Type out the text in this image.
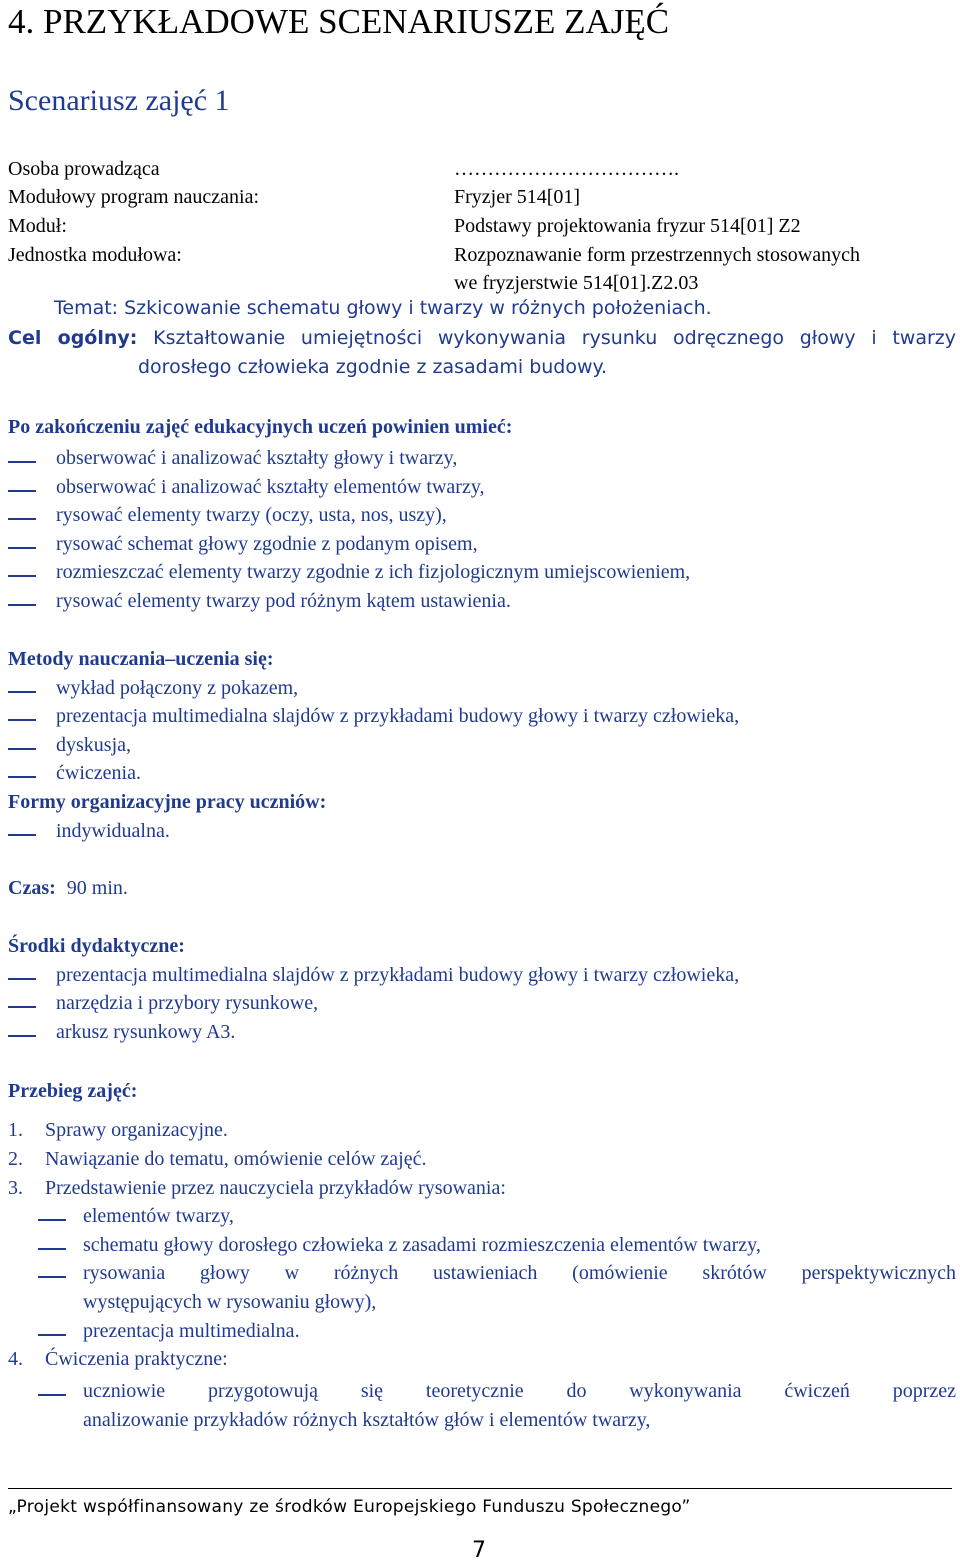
4. PRZYKŁADOWE SCENARIUSZE ZAJĘĆ
Scenariusz zajęć 1
Osoba prowadząca	…………………………….
Modułowy program nauczania:	Fryzjer 514[01]
Moduł:	Podstawy projektowania fryzur 514[01] Z2
Jednostka modułowa:	Rozpoznawanie form przestrzennych stosowanych
we fryzjerstwie 514[01].Z2.03
Temat: Szkicowanie schematu głowy i twarzy w różnych położeniach.
Cel ogólny: Kształtowanie umiejętności wykonywania rysunku odręcznego głowy i twarzy
dorosłego człowieka zgodnie z zasadami budowy.
Po zakończeniu zajęć edukacyjnych uczeń powinien umieć:
obserwować i analizować kształty głowy i twarzy,
obserwować i analizować kształty elementów twarzy,
rysować elementy twarzy (oczy, usta, nos, uszy),
rysować schemat głowy zgodnie z podanym opisem,
rozmieszczać elementy twarzy zgodnie z ich fizjologicznym umiejscowieniem,
rysować elementy twarzy pod różnym kątem ustawienia.
Metody nauczania–uczenia się:
wykład połączony z pokazem,
prezentacja multimedialna slajdów z przykładami budowy głowy i twarzy człowieka,
dyskusja,
ćwiczenia.
Formy organizacyjne pracy uczniów:
indywidualna.
Czas: 90 min.
Środki dydaktyczne:
prezentacja multimedialna slajdów z przykładami budowy głowy i twarzy człowieka,
narzędzia i przybory rysunkowe,
arkusz rysunkowy A3.
Przebieg zajęć:
1. Sprawy organizacyjne.
2. Nawiązanie do tematu, omówienie celów zajęć.
3. Przedstawienie przez nauczyciela przykładów rysowania:
elementów twarzy,
schematu głowy dorosłego człowieka z zasadami rozmieszczenia elementów twarzy,
rysowania głowy w różnych ustawieniach (omówienie skrótów perspektywicznych
występujących w rysowaniu głowy),
prezentacja multimedialna.
4. Ćwiczenia praktyczne:
uczniowie przygotowują się teoretycznie do wykonywania ćwiczeń poprzez
analizowanie przykładów różnych kształtów głów i elementów twarzy,
„Projekt współfinansowany ze środków Europejskiego Funduszu Społecznego”
7
